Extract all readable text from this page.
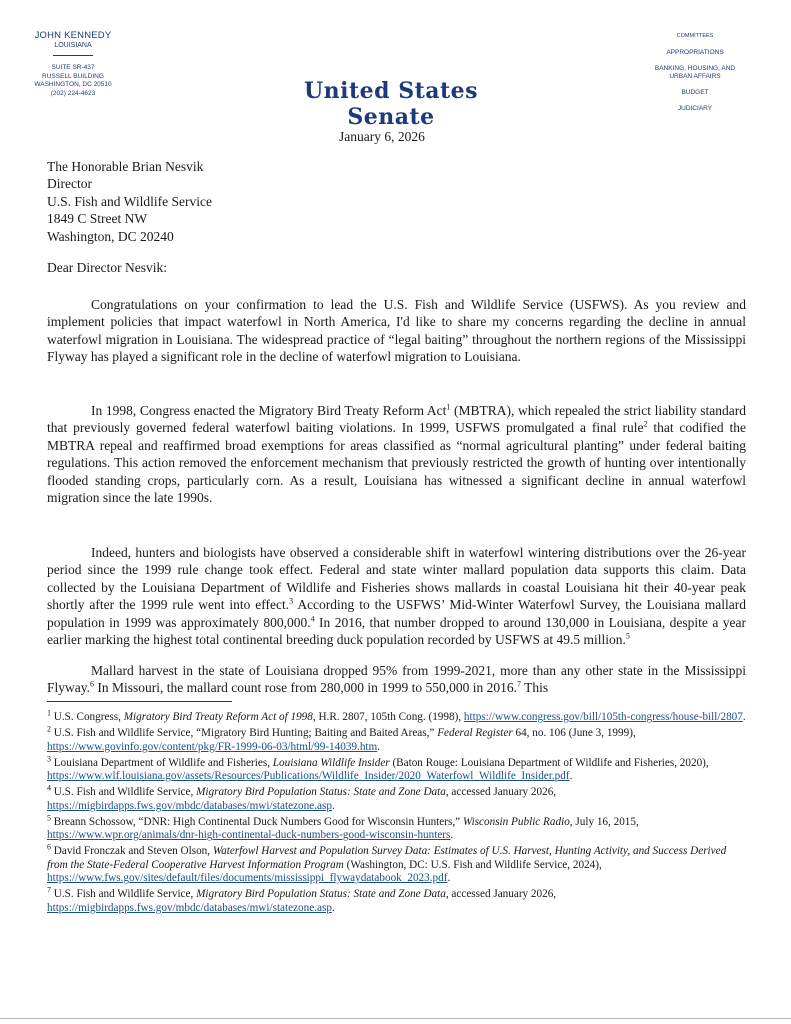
JOHN KENNEDY
LOUISIANA
SUITE SR-437
RUSSELL BUILDING
WASHINGTON, DC 20510
(202) 224-4623	United States Senate
COMMITTEES
APPROPRIATIONS
BANKING, HOUSING, AND URBAN AFFAIRS
BUDGET
JUDICIARY
January 6, 2026
The Honorable Brian Nesvik
Director
U.S. Fish and Wildlife Service
1849 C Street NW
Washington, DC 20240
Dear Director Nesvik:

Congratulations on your confirmation to lead the U.S. Fish and Wildlife Service (USFWS). As you review and implement policies that impact waterfowl in North America, I'd like to share my concerns regarding the decline in annual waterfowl migration in Louisiana. The widespread practice of “legal baiting” throughout the northern regions of the Mississippi Flyway has played a significant role in the decline of waterfowl migration to Louisiana.

In 1998, Congress enacted the Migratory Bird Treaty Reform Act$^1$ (MBTRA), which repealed the strict liability standard that previously governed federal waterfowl baiting violations. In 1999, USFWS promulgated a final rule$^2$ that codified the MBTRA repeal and reaffirmed broad exemptions for areas classified as “normal agricultural planting” under federal baiting regulations. This action removed the enforcement mechanism that previously restricted the growth of hunting over intentionally flooded standing crops, particularly corn. As a result, Louisiana has witnessed a significant decline in annual waterfowl migration since the late 1990s.

Indeed, hunters and biologists have observed a considerable shift in waterfowl wintering distributions over the 26-year period since the 1999 rule change took effect. Federal and state winter mallard population data supports this claim. Data collected by the Louisiana Department of Wildlife and Fisheries shows mallards in coastal Louisiana hit their 40-year peak shortly after the 1999 rule went into effect.$^3$ According to the USFWS’ Mid-Winter Waterfowl Survey, the Louisiana mallard population in 1999 was approximately 800,000.$^4$ In 2016, that number dropped to around 130,000 in Louisiana, despite a year earlier marking the highest total continental breeding duck population recorded by USFWS at 49.5 million.$^5$

Mallard harvest in the state of Louisiana dropped 95% from 1999-2021, more than any other state in the Mississippi Flyway.$^6$ In Missouri, the mallard count rose from 280,000 in 1999 to 550,000 in 2016.$^7$ This

$^1$ U.S. Congress, Migratory Bird Treaty Reform Act of 1998, H.R. 2807, 105th Cong. (1998), https://www.congress.gov/bill/105th-congress/house-bill/2807.
$^2$ U.S. Fish and Wildlife Service, “Migratory Bird Hunting; Baiting and Baited Areas,” Federal Register 64, no. 106 (June 3, 1999), https://www.govinfo.gov/content/pkg/FR-1999-06-03/html/99-14039.htm.
$^3$ Louisiana Department of Wildlife and Fisheries, Louisiana Wildlife Insider (Baton Rouge: Louisiana Department of Wildlife and Fisheries, 2020), https://www.wlf.louisiana.gov/assets/Resources/Publications/Wildlife_Insider/2020_Waterfowl_Wildlife_Insider.pdf.
$^4$ U.S. Fish and Wildlife Service, Migratory Bird Population Status: State and Zone Data, accessed January 2026, https://migbirdapps.fws.gov/mbdc/databases/mwi/statezone.asp.
$^5$ Breann Schossow, “DNR: High Continental Duck Numbers Good for Wisconsin Hunters,” Wisconsin Public Radio, July 16, 2015, https://www.wpr.org/animals/dnr-high-continental-duck-numbers-good-wisconsin-hunters.
$^6$ David Fronczak and Steven Olson, Waterfowl Harvest and Population Survey Data: Estimates of U.S. Harvest, Hunting Activity, and Success Derived from the State-Federal Cooperative Harvest Information Program (Washington, DC: U.S. Fish and Wildlife Service, 2024), https://www.fws.gov/sites/default/files/documents/mississippi_flywaydatabook_2023.pdf.
$^7$ U.S. Fish and Wildlife Service, Migratory Bird Population Status: State and Zone Data, accessed January 2026, https://migbirdapps.fws.gov/mbdc/databases/mwi/statezone.asp.
